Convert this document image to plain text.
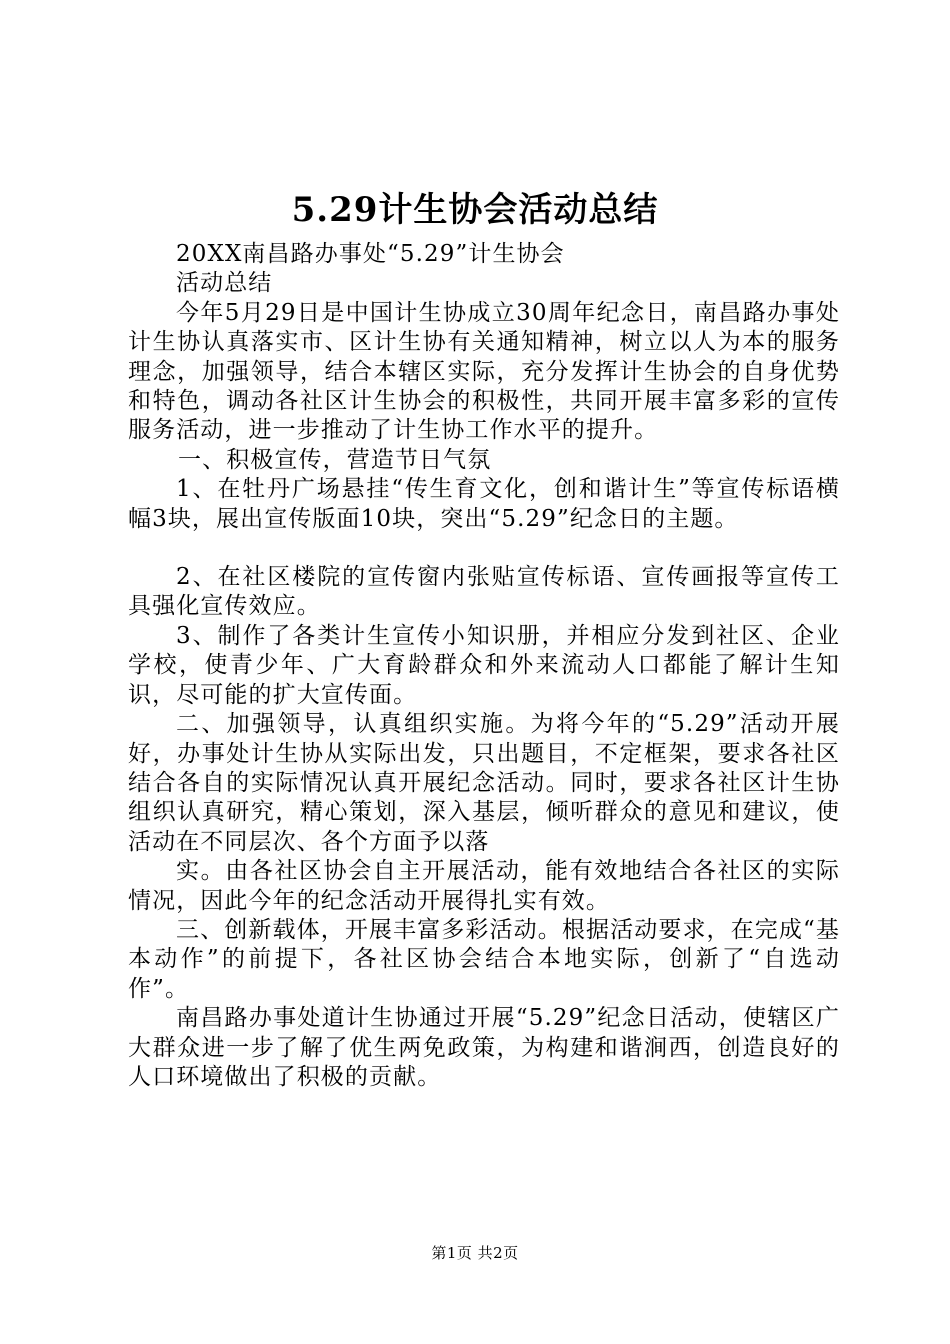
5.29计生协会活动总结

20XX南昌路办事处“5.29”计生协会

活动总结

今年5月29日是中国计生协成立30周年纪念日，南昌路办事处计生协认真落实市、区计生协有关通知精神，树立以人为本的服务理念，加强领导，结合本辖区实际，充分发挥计生协会的自身优势和特色，调动各社区计生协会的积极性，共同开展丰富多彩的宣传服务活动，进一步推动了计生协工作水平的提升。

一、积极宣传，营造节日气氛

1、在牡丹广场悬挂“传生育文化，创和谐计生”等宣传标语横幅3块，展出宣传版面10块，突出“5.29”纪念日的主题。

2、在社区楼院的宣传窗内张贴宣传标语、宣传画报等宣传工具强化宣传效应。

3、制作了各类计生宣传小知识册，并相应分发到社区、企业学校，使青少年、广大育龄群众和外来流动人口都能了解计生知识，尽可能的扩大宣传面。

二、加强领导，认真组织实施。为将今年的“5.29”活动开展好，办事处计生协从实际出发，只出题目，不定框架，要求各社区结合各自的实际情况认真开展纪念活动。同时，要求各社区计生协组织认真研究，精心策划，深入基层，倾听群众的意见和建议，使活动在不同层次、各个方面予以落

实。由各社区协会自主开展活动，能有效地结合各社区的实际情况，因此今年的纪念活动开展得扎实有效。

三、创新载体，开展丰富多彩活动。根据活动要求，在完成“基本动作”的前提下，各社区协会结合本地实际，创新了“自选动作”。

南昌路办事处道计生协通过开展“5.29”纪念日活动，使辖区广大群众进一步了解了优生两免政策，为构建和谐涧西，创造良好的人口环境做出了积极的贡献。

第1页 共2页
